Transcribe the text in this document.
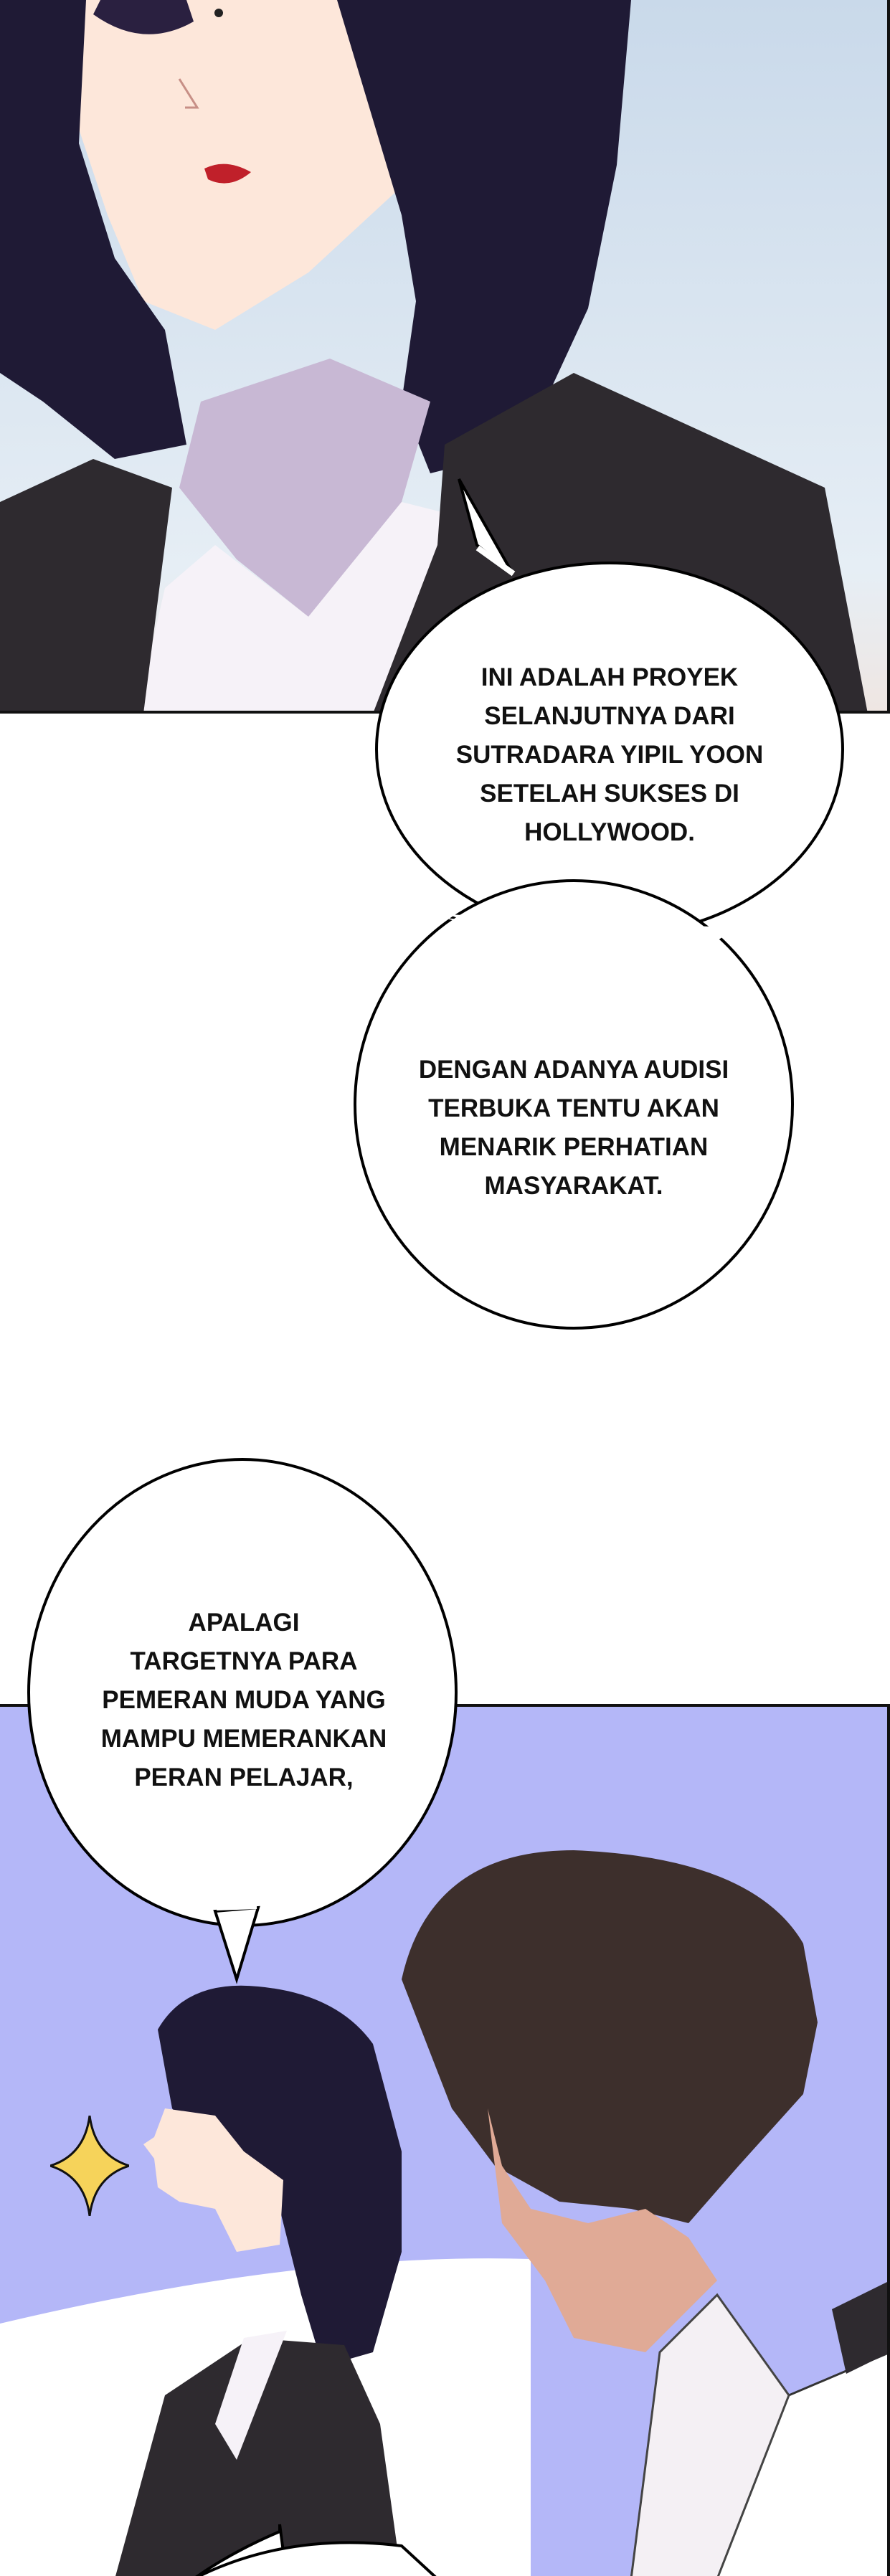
INI ADALAH PROYEK
SELANJUTNYA DARI
SUTRADARA YIPIL YOON
SETELAH SUKSES DI
HOLLYWOOD.
DENGAN ADANYA AUDISI
TERBUKA TENTU AKAN
MENARIK PERHATIAN
MASYARAKAT.
APALAGI
TARGETNYA PARA
PEMERAN MUDA YANG
MAMPU MEMERANKAN
PERAN PELAJAR,
